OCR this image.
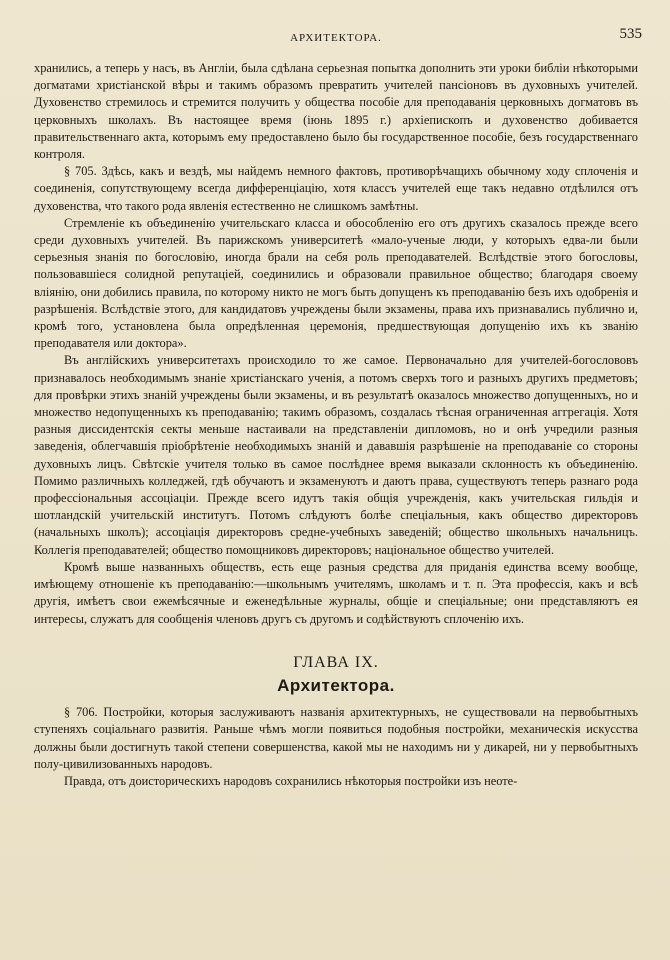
АРХИТЕКТОРА.	535

хранились, а теперь у насъ, въ Англіи, была сдѣлана серьезная попытка дополнить эти уроки библіи нѣкоторыми догматами христіанской вѣры и такимъ образомъ превратить учителей пансіоновъ въ духовныхъ учителей. Духовенство стремилось и стремится получить у общества пособіе для преподаванія церковныхъ догматовъ въ церковныхъ школахъ. Въ настоящее время (іюнь 1895 г.) архіепископъ и духовенство добивается правительственнаго акта, которымъ ему предоставлено было бы государственное пособіе, безъ государственнаго контроля.

§ 705. Здѣсь, какъ и вездѣ, мы найдемъ немного фактовъ, противорѣчащихъ обычному ходу сплоченія и соединенія, сопутствующему всегда дифференціацію, хотя классъ учителей еще такъ недавно отдѣлился отъ духовенства, что такого рода явленія естественно не слишкомъ замѣтны.

Стремленіе къ объединенію учительскаго класса и обособленію его отъ другихъ сказалось прежде всего среди духовныхъ учителей. Въ парижскомъ университетѣ «мало-ученые люди, у которыхъ едва-ли были серьезныя знанія по богословію, иногда брали на себя роль преподавателей. Вслѣдствіе этого богословы, пользовавшіеся солидной репутаціей, соединились и образовали правильное общество; благодаря своему вліянію, они добились правила, по которому никто не могъ быть допущенъ къ преподаванію безъ ихъ одобренія и разрѣшенія. Вслѣдствіе этого, для кандидатовъ учреждены были экзамены, права ихъ признавались публично и, кромѣ того, установлена была опредѣленная церемонія, предшествующая допущенію ихъ къ званію преподавателя или доктора».

Въ англійскихъ университетахъ происходило то же самое. Первоначально для учителей-богослововъ признавалось необходимымъ знаніе христіанскаго ученія, а потомъ сверхъ того и разныхъ другихъ предметовъ; для провѣрки этихъ знаній учреждены были экзамены, и въ результатѣ оказалось множество допущенныхъ, но и множество недопущенныхъ къ преподаванію; такимъ образомъ, создалась тѣсная ограниченная аггрегація. Хотя разныя диссидентскія секты меньше настаивали на представленіи дипломовъ, но и онѣ учредили разныя заведенія, облегчавшія пріобрѣтеніе необходимыхъ знаній и дававшія разрѣшеніе на преподаваніе со стороны духовныхъ лицъ. Свѣтскіе учителя только въ самое послѣднее время выказали склонность къ объединенію. Помимо различныхъ колледжей, гдѣ обучаютъ и экзаменуютъ и даютъ права, существуютъ теперь разнаго рода профессіональныя ассоціаціи. Прежде всего идутъ такія общія учрежденія, какъ учительская гильдія и шотландскій учительскій институтъ. Потомъ слѣдуютъ болѣе спеціальныя, какъ общество директоровъ (начальныхъ школъ); ассоціація директоровъ средне-учебныхъ заведеній; общество школьныхъ начальницъ. Коллегія преподавателей; общество помощниковъ директоровъ; національное общество учителей.

Кромѣ выше названныхъ обществъ, есть еще разныя средства для приданія единства всему вообще, имѣющему отношеніе къ преподаванію:—школьнымъ учителямъ, школамъ и т. п. Эта профессія, какъ и всѣ другія, имѣетъ свои ежемѣсячные и еженедѣльные журналы, общіе и спеціальные; они представляютъ ея интересы, служатъ для сообщенія членовъ другъ съ другомъ и содѣйствуютъ сплоченію ихъ.

ГЛАВА IX.
Архитектора.

§ 706. Постройки, которыя заслуживаютъ названія архитектурныхъ, не существовали на первобытныхъ ступеняхъ соціальнаго развитія. Раньше чѣмъ могли появиться подобныя постройки, механическія искусства должны были достигнуть такой степени совершенства, какой мы не находимъ ни у дикарей, ни у первобытныхъ полу-цивилизованныхъ народовъ.

Правда, отъ доисторическихъ народовъ сохранились нѣкоторыя постройки изъ неоте-
